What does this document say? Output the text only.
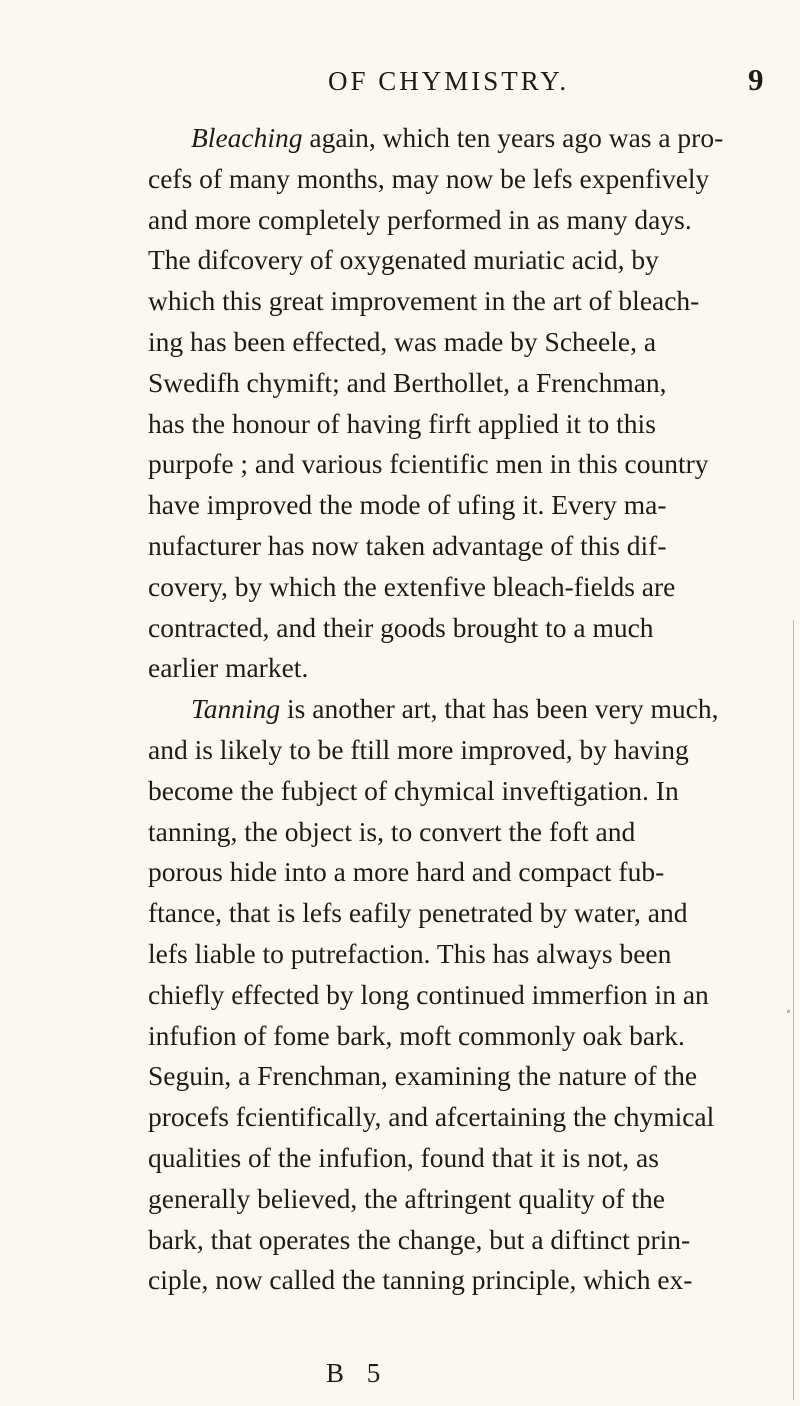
OF CHYMISTRY.	9
Bleaching again, which ten years ago was a pro-
cefs of many months, may now be lefs expenfively
and more completely performed in as many days.
The difcovery of oxygenated muriatic acid, by
which this great improvement in the art of bleach-
ing has been effected, was made by Scheele, a
Swedifh chymift; and Berthollet, a Frenchman,
has the honour of having firft applied it to this
purpofe ; and various fcientific men in this country
have improved the mode of ufing it. Every ma-
nufacturer has now taken advantage of this dif-
covery, by which the extenfive bleach-fields are
contracted, and their goods brought to a much
earlier market.
Tanning is another art, that has been very much,
and is likely to be ftill more improved, by having
become the fubject of chymical inveftigation. In
tanning, the object is, to convert the foft and
porous hide into a more hard and compact fub-
ftance, that is lefs eafily penetrated by water, and
lefs liable to putrefaction. This has always been
chiefly effected by long continued immerfion in an
infufion of fome bark, moft commonly oak bark.
Seguin, a Frenchman, examining the nature of the
procefs fcientifically, and afcertaining the chymical
qualities of the infufion, found that it is not, as
generally believed, the aftringent quality of the
bark, that operates the change, but a diftinct prin-
ciple, now called the tanning principle, which ex-
B 5
